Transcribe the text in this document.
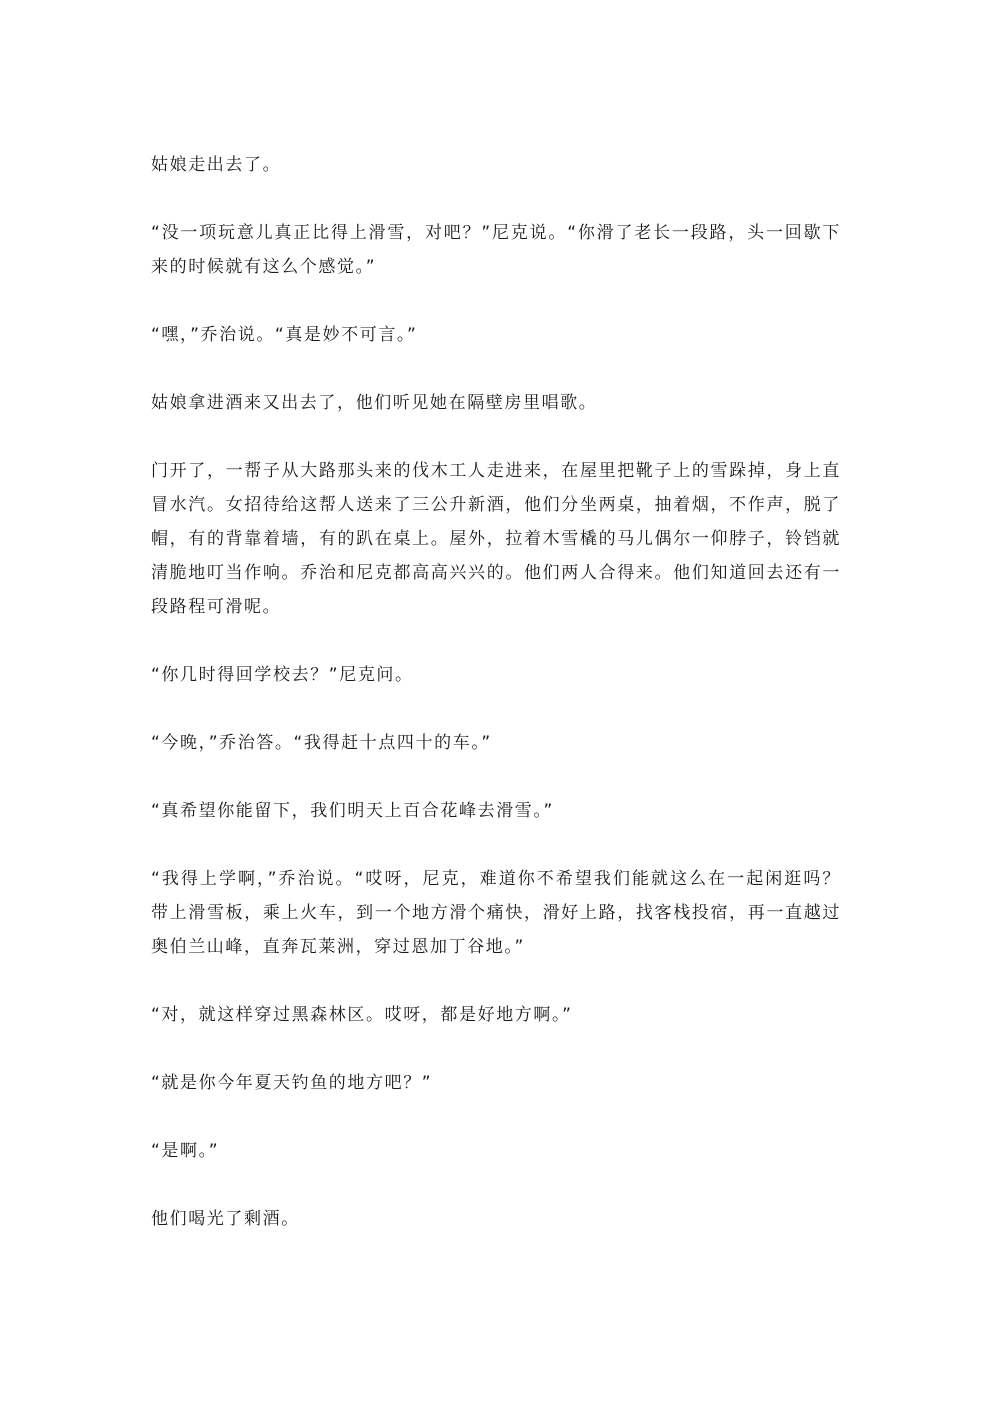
姑娘走出去了。

“没一项玩意儿真正比得上滑雪，对吧？”尼克说。“你滑了老长一段路，头一回歇下来的时候就有这么个感觉。”

“嘿，”乔治说。“真是妙不可言。”

姑娘拿进酒来又出去了，他们听见她在隔壁房里唱歌。

门开了，一帮子从大路那头来的伐木工人走进来，在屋里把靴子上的雪跺掉，身上直冒水汽。女招待给这帮人送来了三公升新酒，他们分坐两桌，抽着烟，不作声，脱了帽，有的背靠着墙，有的趴在桌上。屋外，拉着木雪橇的马儿偶尔一仰脖子，铃铛就清脆地叮当作响。乔治和尼克都高高兴兴的。他们两人合得来。他们知道回去还有一段路程可滑呢。

“你几时得回学校去？”尼克问。

“今晚，”乔治答。“我得赶十点四十的车。”

“真希望你能留下，我们明天上百合花峰去滑雪。”

“我得上学啊，”乔治说。“哎呀，尼克，难道你不希望我们能就这么在一起闲逛吗？带上滑雪板，乘上火车，到一个地方滑个痛快，滑好上路，找客栈投宿，再一直越过奥伯兰山峰，直奔瓦莱洲，穿过恩加丁谷地。”

“对，就这样穿过黑森林区。哎呀，都是好地方啊。”

“就是你今年夏天钓鱼的地方吧？”

“是啊。”

他们喝光了剩酒。
